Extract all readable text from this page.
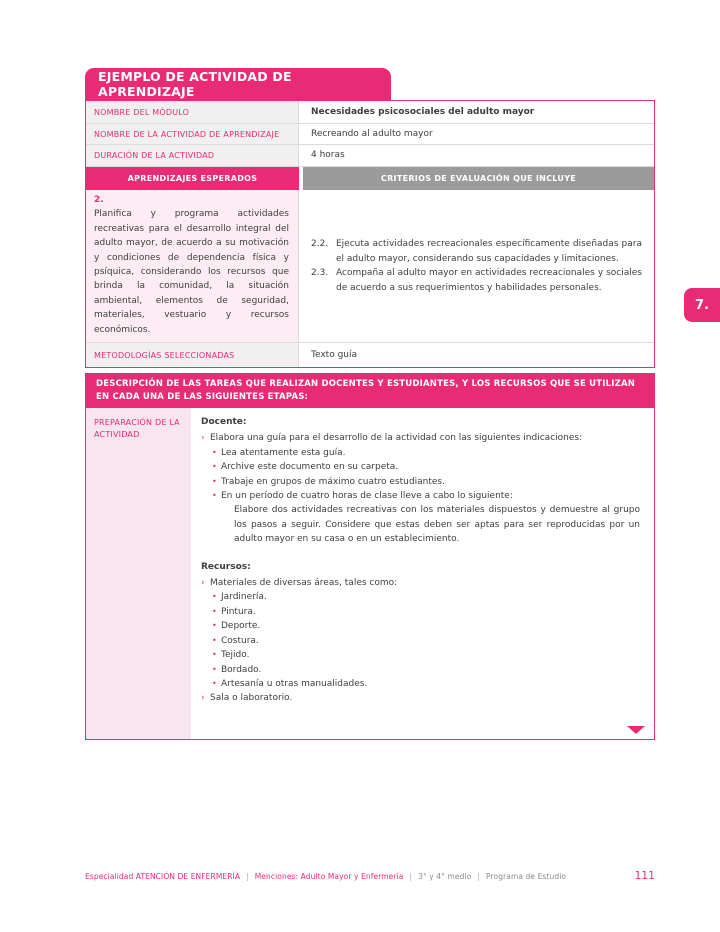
EJEMPLO DE ACTIVIDAD DE APRENDIZAJE
NOMBRE DEL MÓDULO	Necesidades psicosociales del adulto mayor
NOMBRE DE LA ACTIVIDAD DE APRENDIZAJE	Recreando al adulto mayor
DURACIÓN DE LA ACTIVIDAD	4 horas
APRENDIZAJES ESPERADOS	CRITERIOS DE EVALUACIÓN QUE INCLUYE
2.
Planifica y programa actividades recreativas para el desarrollo integral del adulto mayor, de acuerdo a su motivación y condiciones de dependencia física y psíquica, considerando los recursos que brinda la comunidad, la situación ambiental, elementos de seguridad, materiales, vestuario y recursos económicos.
2.2. Ejecuta actividades recreacionales específicamente diseñadas para el adulto mayor, considerando sus capacidades y limitaciones.
2.3. Acompaña al adulto mayor en actividades recreacionales y sociales de acuerdo a sus requerimientos y habilidades personales.
METODOLOGÍAS SELECCIONADAS	Texto guía
DESCRIPCIÓN DE LAS TAREAS QUE REALIZAN DOCENTES Y ESTUDIANTES, Y LOS RECURSOS QUE SE UTILIZAN EN CADA UNA DE LAS SIGUIENTES ETAPAS:
PREPARACIÓN DE LA ACTIVIDAD
Docente:
› Elabora una guía para el desarrollo de la actividad con las siguientes indicaciones:
• Lea atentamente esta guía.
• Archive este documento en su carpeta.
• Trabaje en grupos de máximo cuatro estudiantes.
• En un período de cuatro horas de clase lleve a cabo lo siguiente:
Elabore dos actividades recreativas con los materiales dispuestos y demuestre al grupo los pasos a seguir. Considere que estas deben ser aptas para ser reproducidas por un adulto mayor en su casa o en un establecimiento.
Recursos:
› Materiales de diversas áreas, tales como:
• Jardinería.
• Pintura.
• Deporte.
• Costura.
• Tejido.
• Bordado.
• Artesanía u otras manualidades.
› Sala o laboratorio.
7.
Especialidad ATENCIÓN DE ENFERMERÍA | Menciones: Adulto Mayor y Enfermería | 3° y 4° medio | Programa de Estudio	111
